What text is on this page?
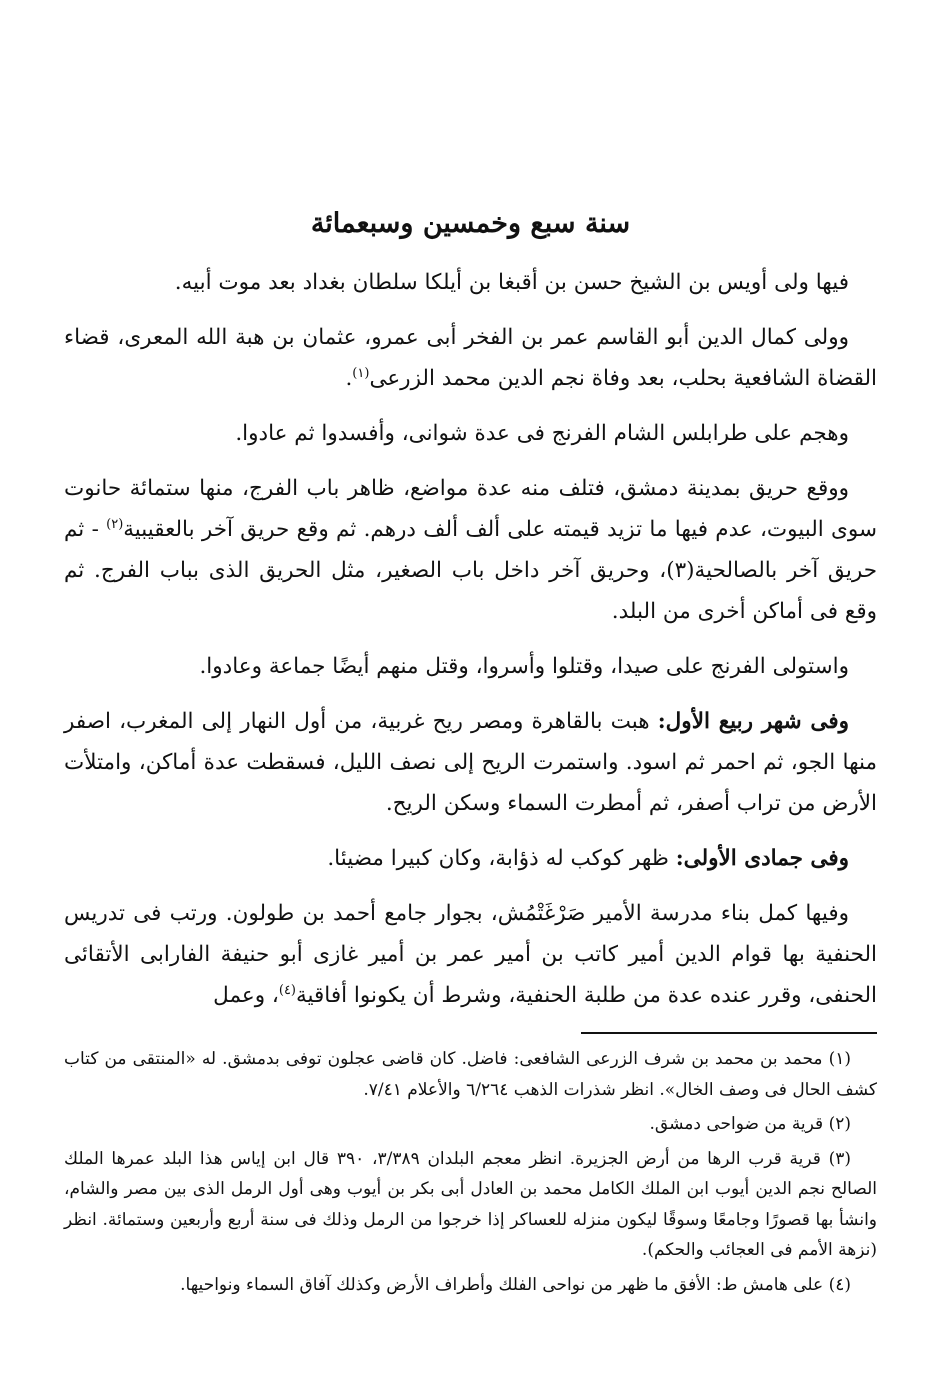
سنة سبع وخمسين وسبعمائة

فيها ولى أويس بن الشيخ حسن بن أقبغا بن أيلكا سلطان بغداد بعد موت أبيه.

وولى كمال الدين أبو القاسم عمر بن الفخر أبى عمرو، عثمان بن هبة الله المعرى، قضاء القضاة الشافعية بحلب، بعد وفاة نجم الدين محمد الزرعى$^{(١)}$.

وهجم على طرابلس الشام الفرنج فى عدة شوانى، وأفسدوا ثم عادوا.

ووقع حريق بمدينة دمشق، فتلف منه عدة مواضع، ظاهر باب الفرج، منها ستمائة حانوت سوى البيوت، عدم فيها ما تزيد قيمته على ألف ألف درهم. ثم وقع حريق آخر بالعقيبية$^{(٢)}$ - ثم حريق آخر بالصالحية(٣)، وحريق آخر داخل باب الصغير، مثل الحريق الذى بباب الفرج. ثم وقع فى أماكن أخرى من البلد.

واستولى الفرنج على صيدا، وقتلوا وأسروا، وقتل منهم أيضًا جماعة وعادوا.

وفى شهر ربيع الأول: هبت بالقاهرة ومصر ريح غربية، من أول النهار إلى المغرب، اصفر منها الجو، ثم احمر ثم اسود. واستمرت الريح إلى نصف الليل، فسقطت عدة أماكن، وامتلأت الأرض من تراب أصفر، ثم أمطرت السماء وسكن الريح.

وفى جمادى الأولى: ظهر كوكب له ذؤابة، وكان كبيرا مضيئا.

وفيها كمل بناء مدرسة الأمير صَرْغَتْمُش، بجوار جامع أحمد بن طولون. ورتب فى تدريس الحنفية بها قوام الدين أمير كاتب بن أمير عمر بن أمير غازى أبو حنيفة الفارابى الأتقائى الحنفى، وقرر عنده عدة من طلبة الحنفية، وشرط أن يكونوا أفاقية$^{(٤)}$، وعمل

(١) محمد بن محمد بن شرف الزرعى الشافعى: فاضل. كان قاضى عجلون توفى بدمشق. له «المنتقى من كتاب كشف الحال فى وصف الخال». انظر شذرات الذهب ٦/٢٦٤ والأعلام ٧/٤١.

(٢) قرية من ضواحى دمشق.

(٣) قرية قرب الرها من أرض الجزيرة. انظر معجم البلدان ٣/٣٨٩، ٣٩٠ قال ابن إياس هذا البلد عمرها الملك الصالح نجم الدين أيوب ابن الملك الكامل محمد بن العادل أبى بكر بن أيوب وهى أول الرمل الذى بين مصر والشام، وانشأ بها قصورًا وجامعًا وسوقًا ليكون منزله للعساكر إذا خرجوا من الرمل وذلك فى سنة أربع وأربعين وستمائة. انظر (نزهة الأمم فى العجائب والحكم).

(٤) على هامش ط: الأفق ما ظهر من نواحى الفلك وأطراف الأرض وكذلك آفاق السماء ونواحيها.
